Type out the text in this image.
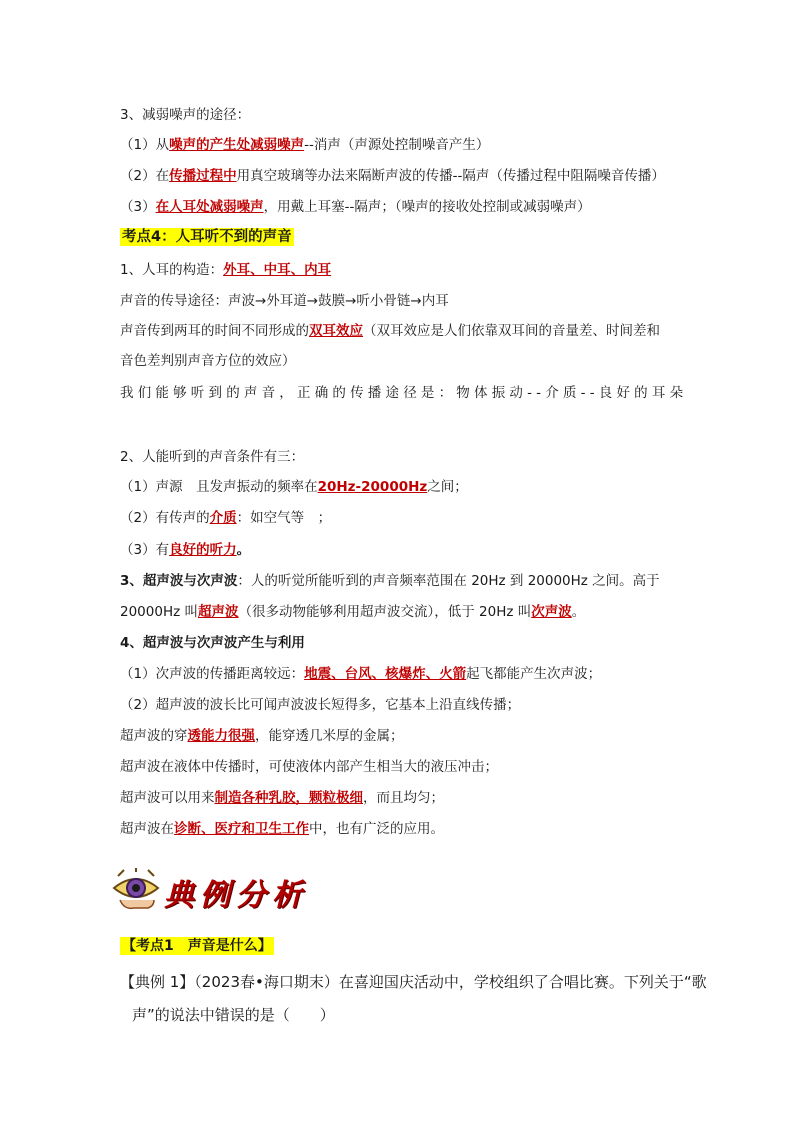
3、减弱噪声的途径：
（1）从噪声的产生处减弱噪声--消声（声源处控制噪音产生）
（2）在传播过程中用真空玻璃等办法来隔断声波的传播--隔声（传播过程中阻隔噪音传播）
（3）在人耳处减弱噪声，用戴上耳塞--隔声；（噪声的接收处控制或减弱噪声）
考点4：人耳听不到的声音
1、人耳的构造：外耳、中耳、内耳
声音的传导途径：声波→外耳道→鼓膜→听小骨链→内耳
声音传到两耳的时间不同形成的双耳效应（双耳效应是人们依靠双耳间的音量差、时间差和
音色差判别声音方位的效应）
我们能够听到的声音，正确的传播途径是：物体振动--介质--良好的耳朵
2、人能听到的声音条件有三：
（1）声源　且发声振动的频率在20Hz-20000Hz之间；
（2）有传声的介质：如空气等　；
（3）有良好的听力。
3、超声波与次声波：人的听觉所能听到的声音频率范围在 20Hz 到 20000Hz 之间。高于
20000Hz 叫超声波（很多动物能够利用超声波交流），低于 20Hz 叫次声波。
4、超声波与次声波产生与利用
（1）次声波的传播距离较远：地震、台风、核爆炸、火箭起飞都能产生次声波；
（2）超声波的波长比可闻声波波长短得多，它基本上沿直线传播；
超声波的穿透能力很强，能穿透几米厚的金属；
超声波在液体中传播时，可使液体内部产生相当大的液压冲击；
超声波可以用来制造各种乳胶，颗粒极细，而且均匀；
超声波在诊断、医疗和卫生工作中，也有广泛的应用。
典例分析
【考点1　声音是什么】
【典例 1】（2023春•海口期末）在喜迎国庆活动中，学校组织了合唱比赛。下列关于“歌
声”的说法中错误的是（　　）
